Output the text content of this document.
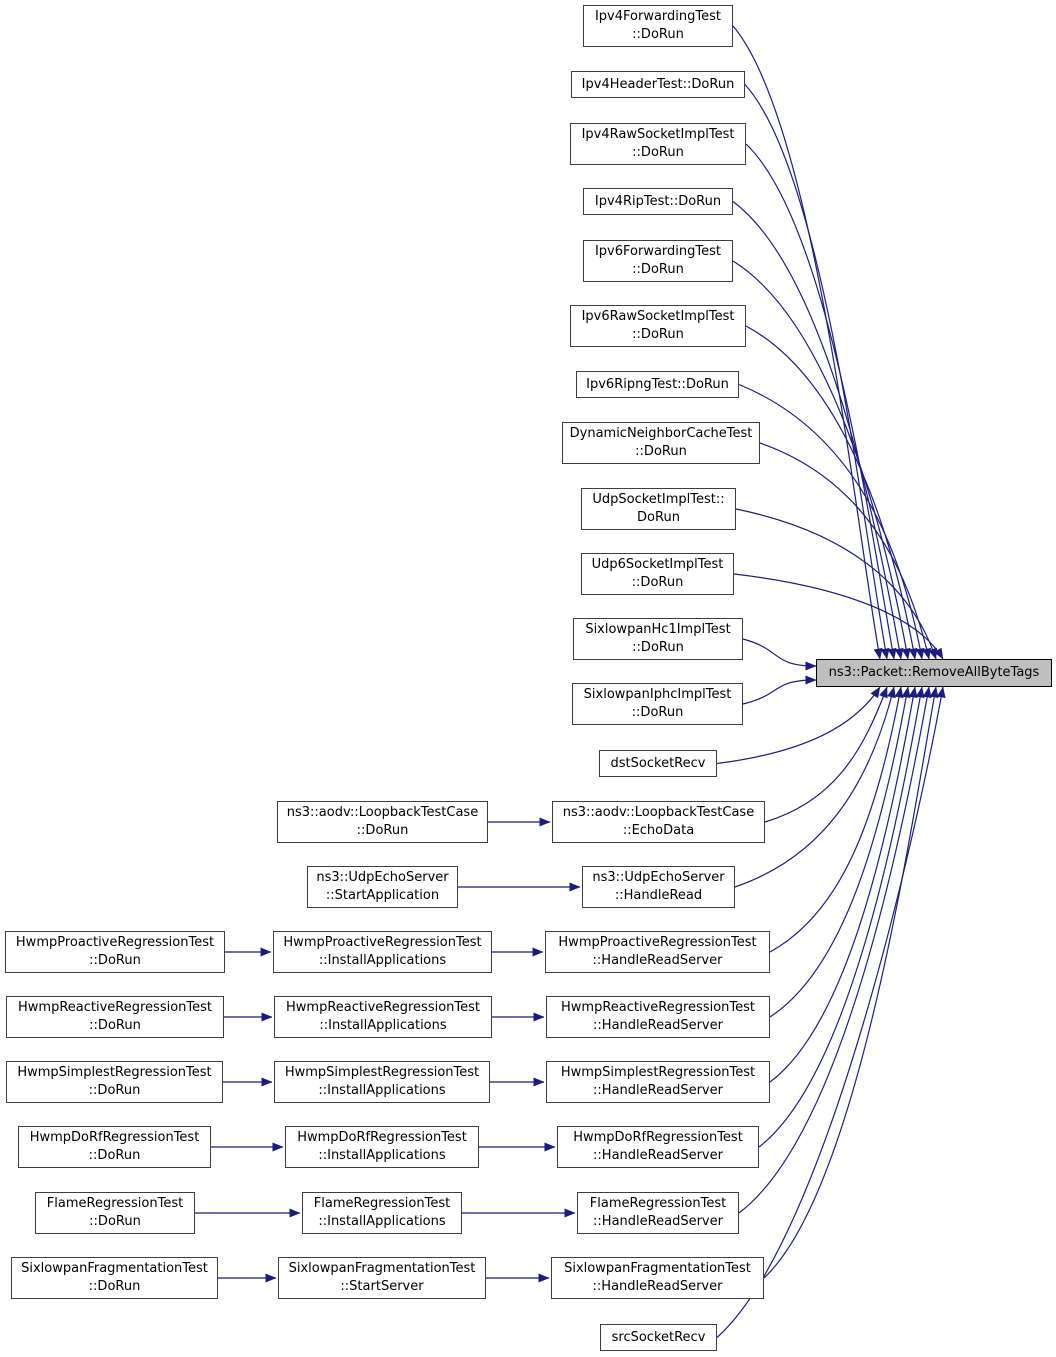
Ipv4ForwardingTest
::DoRun
Ipv4HeaderTest::DoRun
Ipv4RawSocketImplTest
::DoRun
Ipv4RipTest::DoRun
Ipv6ForwardingTest
::DoRun
Ipv6RawSocketImplTest
::DoRun
Ipv6RipngTest::DoRun
DynamicNeighborCacheTest
::DoRun
UdpSocketImplTest::
DoRun
Udp6SocketImplTest
::DoRun
SixlowpanHc1ImplTest
::DoRun
SixlowpanIphcImplTest
::DoRun
dstSocketRecv
ns3::aodv::LoopbackTestCase
::EchoData
ns3::UdpEchoServer
::HandleRead
HwmpProactiveRegressionTest
::HandleReadServer
HwmpReactiveRegressionTest
::HandleReadServer
HwmpSimplestRegressionTest
::HandleReadServer
HwmpDoRfRegressionTest
::HandleReadServer
FlameRegressionTest
::HandleReadServer
SixlowpanFragmentationTest
::HandleReadServer
srcSocketRecv
ns3::aodv::LoopbackTestCase
::DoRun
ns3::UdpEchoServer
::StartApplication
HwmpProactiveRegressionTest
::InstallApplications
HwmpReactiveRegressionTest
::InstallApplications
HwmpSimplestRegressionTest
::InstallApplications
HwmpDoRfRegressionTest
::InstallApplications
FlameRegressionTest
::InstallApplications
SixlowpanFragmentationTest
::StartServer
HwmpProactiveRegressionTest
::DoRun
HwmpReactiveRegressionTest
::DoRun
HwmpSimplestRegressionTest
::DoRun
HwmpDoRfRegressionTest
::DoRun
FlameRegressionTest
::DoRun
SixlowpanFragmentationTest
::DoRun
ns3::Packet::RemoveAllByteTags
